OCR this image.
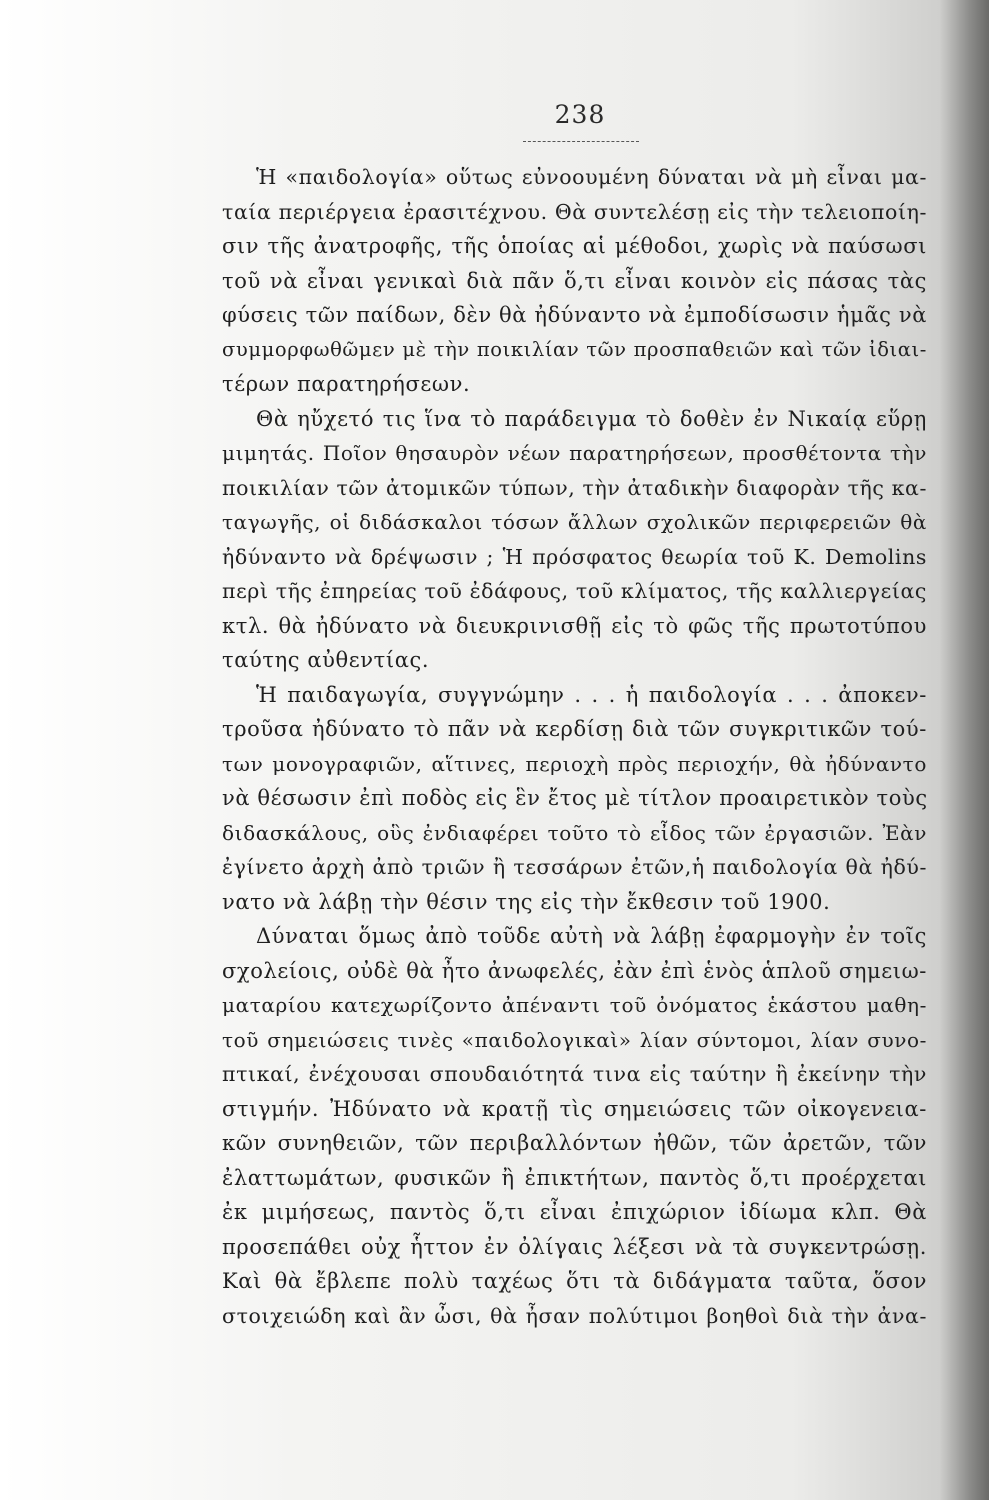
238
Ἡ «παιδολογία» οὕτως εὐνοουμένη δύναται νὰ μὴ εἶναι μα-
ταία περιέργεια ἐρασιτέχνου. Θὰ συντελέσῃ εἰς τὴν τελειοποίη-
σιν τῆς ἀνατροφῆς, τῆς ὁποίας αἱ μέθοδοι, χωρὶς νὰ παύσωσι
τοῦ νὰ εἶναι γενικαὶ διὰ πᾶν ὅ,τι εἶναι κοινὸν εἰς πάσας τὰς
φύσεις τῶν παίδων, δὲν θὰ ἠδύναντο νὰ ἐμποδίσωσιν ἡμᾶς νὰ
συμμορφωθῶμεν μὲ τὴν ποικιλίαν τῶν προσπαθειῶν καὶ τῶν ἰδιαι-
τέρων παρατηρήσεων.
Θὰ ηὔχετό τις ἵνα τὸ παράδειγμα τὸ δοθὲν ἐν Νικαίᾳ εὕρῃ
μιμητάς. Ποῖον θησαυρὸν νέων παρατηρήσεων, προσθέτοντα τὴν
ποικιλίαν τῶν ἀτομικῶν τύπων, τὴν ἀταδικὴν διαφορὰν τῆς κα-
ταγωγῆς, οἱ διδάσκαλοι τόσων ἄλλων σχολικῶν περιφερειῶν θὰ
ἠδύναντο νὰ δρέψωσιν ; Ἡ πρόσφατος θεωρία τοῦ Κ. Demolins
περὶ τῆς ἐπηρείας τοῦ ἐδάφους, τοῦ κλίματος, τῆς καλλιεργείας
κτλ. θὰ ἠδύνατο νὰ διευκρινισθῇ εἰς τὸ φῶς τῆς πρωτοτύπου
ταύτης αὐθεντίας.
Ἡ παιδαγωγία, συγγνώμην . . . ἡ παιδολογία . . . ἀποκεν-
τροῦσα ἠδύνατο τὸ πᾶν νὰ κερδίσῃ διὰ τῶν συγκριτικῶν τού-
των μονογραφιῶν, αἵτινες, περιοχὴ πρὸς περιοχήν, θὰ ἠδύναντο
νὰ θέσωσιν ἐπὶ ποδὸς εἰς ἓν ἔτος μὲ τίτλον προαιρετικὸν τοὺς
διδασκάλους, οὓς ἐνδιαφέρει τοῦτο τὸ εἶδος τῶν ἐργασιῶν. Ἐὰν
ἐγίνετο ἀρχὴ ἀπὸ τριῶν ἢ τεσσάρων ἐτῶν,ἡ παιδολογία θὰ ἠδύ-
νατο νὰ λάβῃ τὴν θέσιν της εἰς τὴν ἔκθεσιν τοῦ 1900.
Δύναται ὅμως ἀπὸ τοῦδε αὐτὴ νὰ λάβῃ ἐφαρμογὴν ἐν τοῖς
σχολείοις, οὐδὲ θὰ ἦτο ἀνωφελές, ἐὰν ἐπὶ ἑνὸς ἁπλοῦ σημειω-
ματαρίου κατεχωρίζοντο ἀπέναντι τοῦ ὀνόματος ἑκάστου μαθη-
τοῦ σημειώσεις τινὲς «παιδολογικαὶ» λίαν σύντομοι, λίαν συνο-
πτικαί, ἐνέχουσαι σπουδαιότητά τινα εἰς ταύτην ἢ ἐκείνην τὴν
στιγμήν. Ἠδύνατο νὰ κρατῇ τὶς σημειώσεις τῶν οἰκογενεια-
κῶν συνηθειῶν, τῶν περιβαλλόντων ἠθῶν, τῶν ἀρετῶν, τῶν
ἐλαττωμάτων, φυσικῶν ἢ ἐπικτήτων, παντὸς ὅ,τι προέρχεται
ἐκ μιμήσεως, παντὸς ὅ,τι εἶναι ἐπιχώριον ἰδίωμα κλπ. Θὰ
προσεπάθει οὐχ ἧττον ἐν ὀλίγαις λέξεσι νὰ τὰ συγκεντρώσῃ.
Καὶ θὰ ἔβλεπε πολὺ ταχέως ὅτι τὰ διδάγματα ταῦτα, ὅσον
στοιχειώδη καὶ ἂν ὦσι, θὰ ἦσαν πολύτιμοι βοηθοὶ διὰ τὴν ἀνα-
